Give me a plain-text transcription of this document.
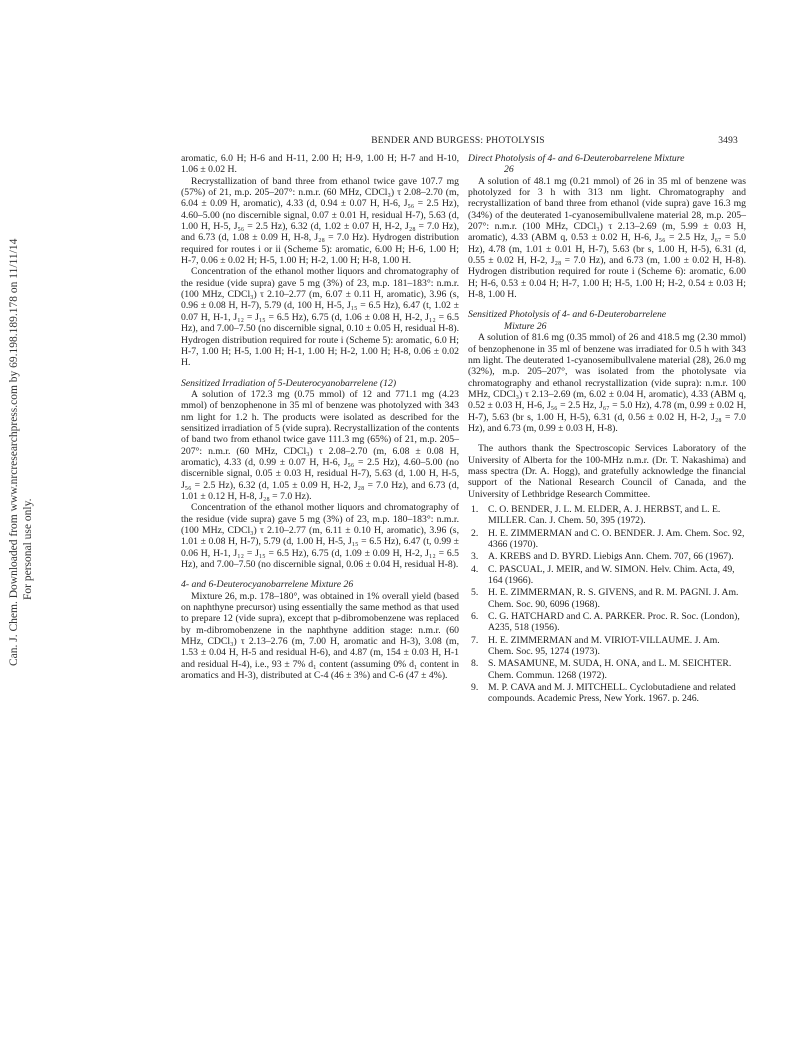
Can. J. Chem. Downloaded from www.nrcresearchpress.com by 69.198.189.178 on 11/11/14 For personal use only.
BENDER AND BURGESS: PHOTOLYSIS	3493

aromatic, 6.0 H; H-6 and H-11, 2.00 H; H-9, 1.00 H; H-7 and H-10, 1.06 ± 0.02 H.

Recrystallization of band three from ethanol twice gave 107.7 mg (57%) of 21, m.p. 205–207°: n.m.r. (60 MHz, CDCl₃) τ 2.08–2.70 (m, 6.04 ± 0.09 H, aromatic), 4.33 (d, 0.94 ± 0.07 H, H-6, J₅₆ = 2.5 Hz), 4.60–5.00 (no discernible signal, 0.07 ± 0.01 H, residual H-7), 5.63 (d, 1.00 H, H-5, J₅₆ = 2.5 Hz), 6.32 (d, 1.02 ± 0.07 H, H-2, J₂₈ = 7.0 Hz), and 6.73 (d, 1.08 ± 0.09 H, H-8, J₂₈ = 7.0 Hz). Hydrogen distribution required for routes i or ii (Scheme 5): aromatic, 6.00 H; H-6, 1.00 H; H-7, 0.06 ± 0.02 H; H-5, 1.00 H; H-2, 1.00 H; H-8, 1.00 H.

Concentration of the ethanol mother liquors and chromatography of the residue (vide supra) gave 5 mg (3%) of 23, m.p. 181–183°: n.m.r. (100 MHz, CDCl₃) τ 2.10–2.77 (m, 6.07 ± 0.11 H, aromatic), 3.96 (s, 0.96 ± 0.08 H, H-7), 5.79 (d, 100 H, H-5, J₁₅ = 6.5 Hz), 6.47 (t, 1.02 ± 0.07 H, H-1, J₁₂ = J₁₅ = 6.5 Hz), 6.75 (d, 1.06 ± 0.08 H, H-2, J₁₂ = 6.5 Hz), and 7.00–7.50 (no discernible signal, 0.10 ± 0.05 H, residual H-8). Hydrogen distribution required for route i (Scheme 5): aromatic, 6.0 H; H-7, 1.00 H; H-5, 1.00 H; H-1, 1.00 H; H-2, 1.00 H; H-8, 0.06 ± 0.02 H.

Sensitized Irradiation of 5-Deuterocyanobarrelene (12)

A solution of 172.3 mg (0.75 mmol) of 12 and 771.1 mg (4.23 mmol) of benzophenone in 35 ml of benzene was photolyzed with 343 nm light for 1.2 h. The products were isolated as described for the sensitized irradiation of 5 (vide supra). Recrystallization of the contents of band two from ethanol twice gave 111.3 mg (65%) of 21, m.p. 205–207°: n.m.r. (60 MHz, CDCl₃) τ 2.08–2.70 (m, 6.08 ± 0.08 H, aromatic), 4.33 (d, 0.99 ± 0.07 H, H-6, J₅₆ = 2.5 Hz), 4.60–5.00 (no discernible signal, 0.05 ± 0.03 H, residual H-7), 5.63 (d, 1.00 H, H-5, J₅₆ = 2.5 Hz), 6.32 (d, 1.05 ± 0.09 H, H-2, J₂₈ = 7.0 Hz), and 6.73 (d, 1.01 ± 0.12 H, H-8, J₂₈ = 7.0 Hz).

Concentration of the ethanol mother liquors and chromatography of the residue (vide supra) gave 5 mg (3%) of 23, m.p. 180–183°: n.m.r. (100 MHz, CDCl₃) τ 2.10–2.77 (m, 6.11 ± 0.10 H, aromatic), 3.96 (s, 1.01 ± 0.08 H, H-7), 5.79 (d, 1.00 H, H-5, J₁₅ = 6.5 Hz), 6.47 (t, 0.99 ± 0.06 H, H-1, J₁₂ = J₁₅ = 6.5 Hz), 6.75 (d, 1.09 ± 0.09 H, H-2, J₁₂ = 6.5 Hz), and 7.00–7.50 (no discernible signal, 0.06 ± 0.04 H, residual H-8).

4- and 6-Deuterocyanobarrelene Mixture 26

Mixture 26, m.p. 178–180°, was obtained in 1% overall yield (based on naphthyne precursor) using essentially the same method as that used to prepare 12 (vide supra), except that p-dibromobenzene was replaced by m-dibromobenzene in the naphthyne addition stage: n.m.r. (60 MHz, CDCl₃) τ 2.13–2.76 (m, 7.00 H, aromatic and H-3), 3.08 (m, 1.53 ± 0.04 H, H-5 and residual H-6), and 4.87 (m, 154 ± 0.03 H, H-1 and residual H-4), i.e., 93 ± 7% d₁ content (assuming 0% d₁ content in aromatics and H-3), distributed at C-4 (46 ± 3%) and C-6 (47 ± 4%).

Direct Photolysis of 4- and 6-Deuterobarrelene Mixture

26

A solution of 48.1 mg (0.21 mmol) of 26 in 35 ml of benzene was photolyzed for 3 h with 313 nm light. Chromatography and recrystallization of band three from ethanol (vide supra) gave 16.3 mg (34%) of the deuterated 1-cyanosemibullvalene material 28, m.p. 205–207°: n.m.r. (100 MHz, CDCl₃) τ 2.13–2.69 (m, 5.99 ± 0.03 H, aromatic), 4.33 (ABM q, 0.53 ± 0.02 H, H-6, J₅₆ = 2.5 Hz, J₆₇ = 5.0 Hz), 4.78 (m, 1.01 ± 0.01 H, H-7), 5.63 (br s, 1.00 H, H-5), 6.31 (d, 0.55 ± 0.02 H, H-2, J₂₈ = 7.0 Hz), and 6.73 (m, 1.00 ± 0.02 H, H-8). Hydrogen distribution required for route i (Scheme 6): aromatic, 6.00 H; H-6, 0.53 ± 0.04 H; H-7, 1.00 H; H-5, 1.00 H; H-2, 0.54 ± 0.03 H; H-8, 1.00 H.

Sensitized Photolysis of 4- and 6-Deuterobarrelene

Mixture 26

A solution of 81.6 mg (0.35 mmol) of 26 and 418.5 mg (2.30 mmol) of benzophenone in 35 ml of benzene was irradiated for 0.5 h with 343 nm light. The deuterated 1-cyanosemibullvalene material (28), 26.0 mg (32%), m.p. 205–207°, was isolated from the photolysate via chromatography and ethanol recrystallization (vide supra): n.m.r. 100 MHz, CDCl₃) τ 2.13–2.69 (m, 6.02 ± 0.04 H, aromatic), 4.33 (ABM q, 0.52 ± 0.03 H, H-6, J₅₆ = 2.5 Hz, J₆₇ = 5.0 Hz), 4.78 (m, 0.99 ± 0.02 H, H-7), 5.63 (br s, 1.00 H, H-5), 6.31 (d, 0.56 ± 0.02 H, H-2, J₂₈ = 7.0 Hz), and 6.73 (m, 0.99 ± 0.03 H, H-8).

The authors thank the Spectroscopic Services Laboratory of the University of Alberta for the 100-MHz n.m.r. (Dr. T. Nakashima) and mass spectra (Dr. A. Hogg), and gratefully acknowledge the financial support of the National Research Council of Canada, and the University of Lethbridge Research Committee.

1. C. O. BENDER, J. L. M. ELDER, A. J. HERBST, and L. E. MILLER. Can. J. Chem. 50, 395 (1972).
2. H. E. ZIMMERMAN and C. O. BENDER. J. Am. Chem. Soc. 92, 4366 (1970).
3. A. KREBS and D. BYRD. Liebigs Ann. Chem. 707, 66 (1967).
4. C. PASCUAL, J. MEIR, and W. SIMON. Helv. Chim. Acta, 49, 164 (1966).
5. H. E. ZIMMERMAN, R. S. GIVENS, and R. M. PAGNI. J. Am. Chem. Soc. 90, 6096 (1968).
6. C. G. HATCHARD and C. A. PARKER. Proc. R. Soc. (London), A235, 518 (1956).
7. H. E. ZIMMERMAN and M. VIRIOT-VILLAUME. J. Am. Chem. Soc. 95, 1274 (1973).
8. S. MASAMUNE, M. SUDA, H. ONA, and L. M. SEICHTER. Chem. Commun. 1268 (1972).
9. M. P. CAVA and M. J. MITCHELL. Cyclobutadiene and related compounds. Academic Press, New York. 1967. p. 246.
